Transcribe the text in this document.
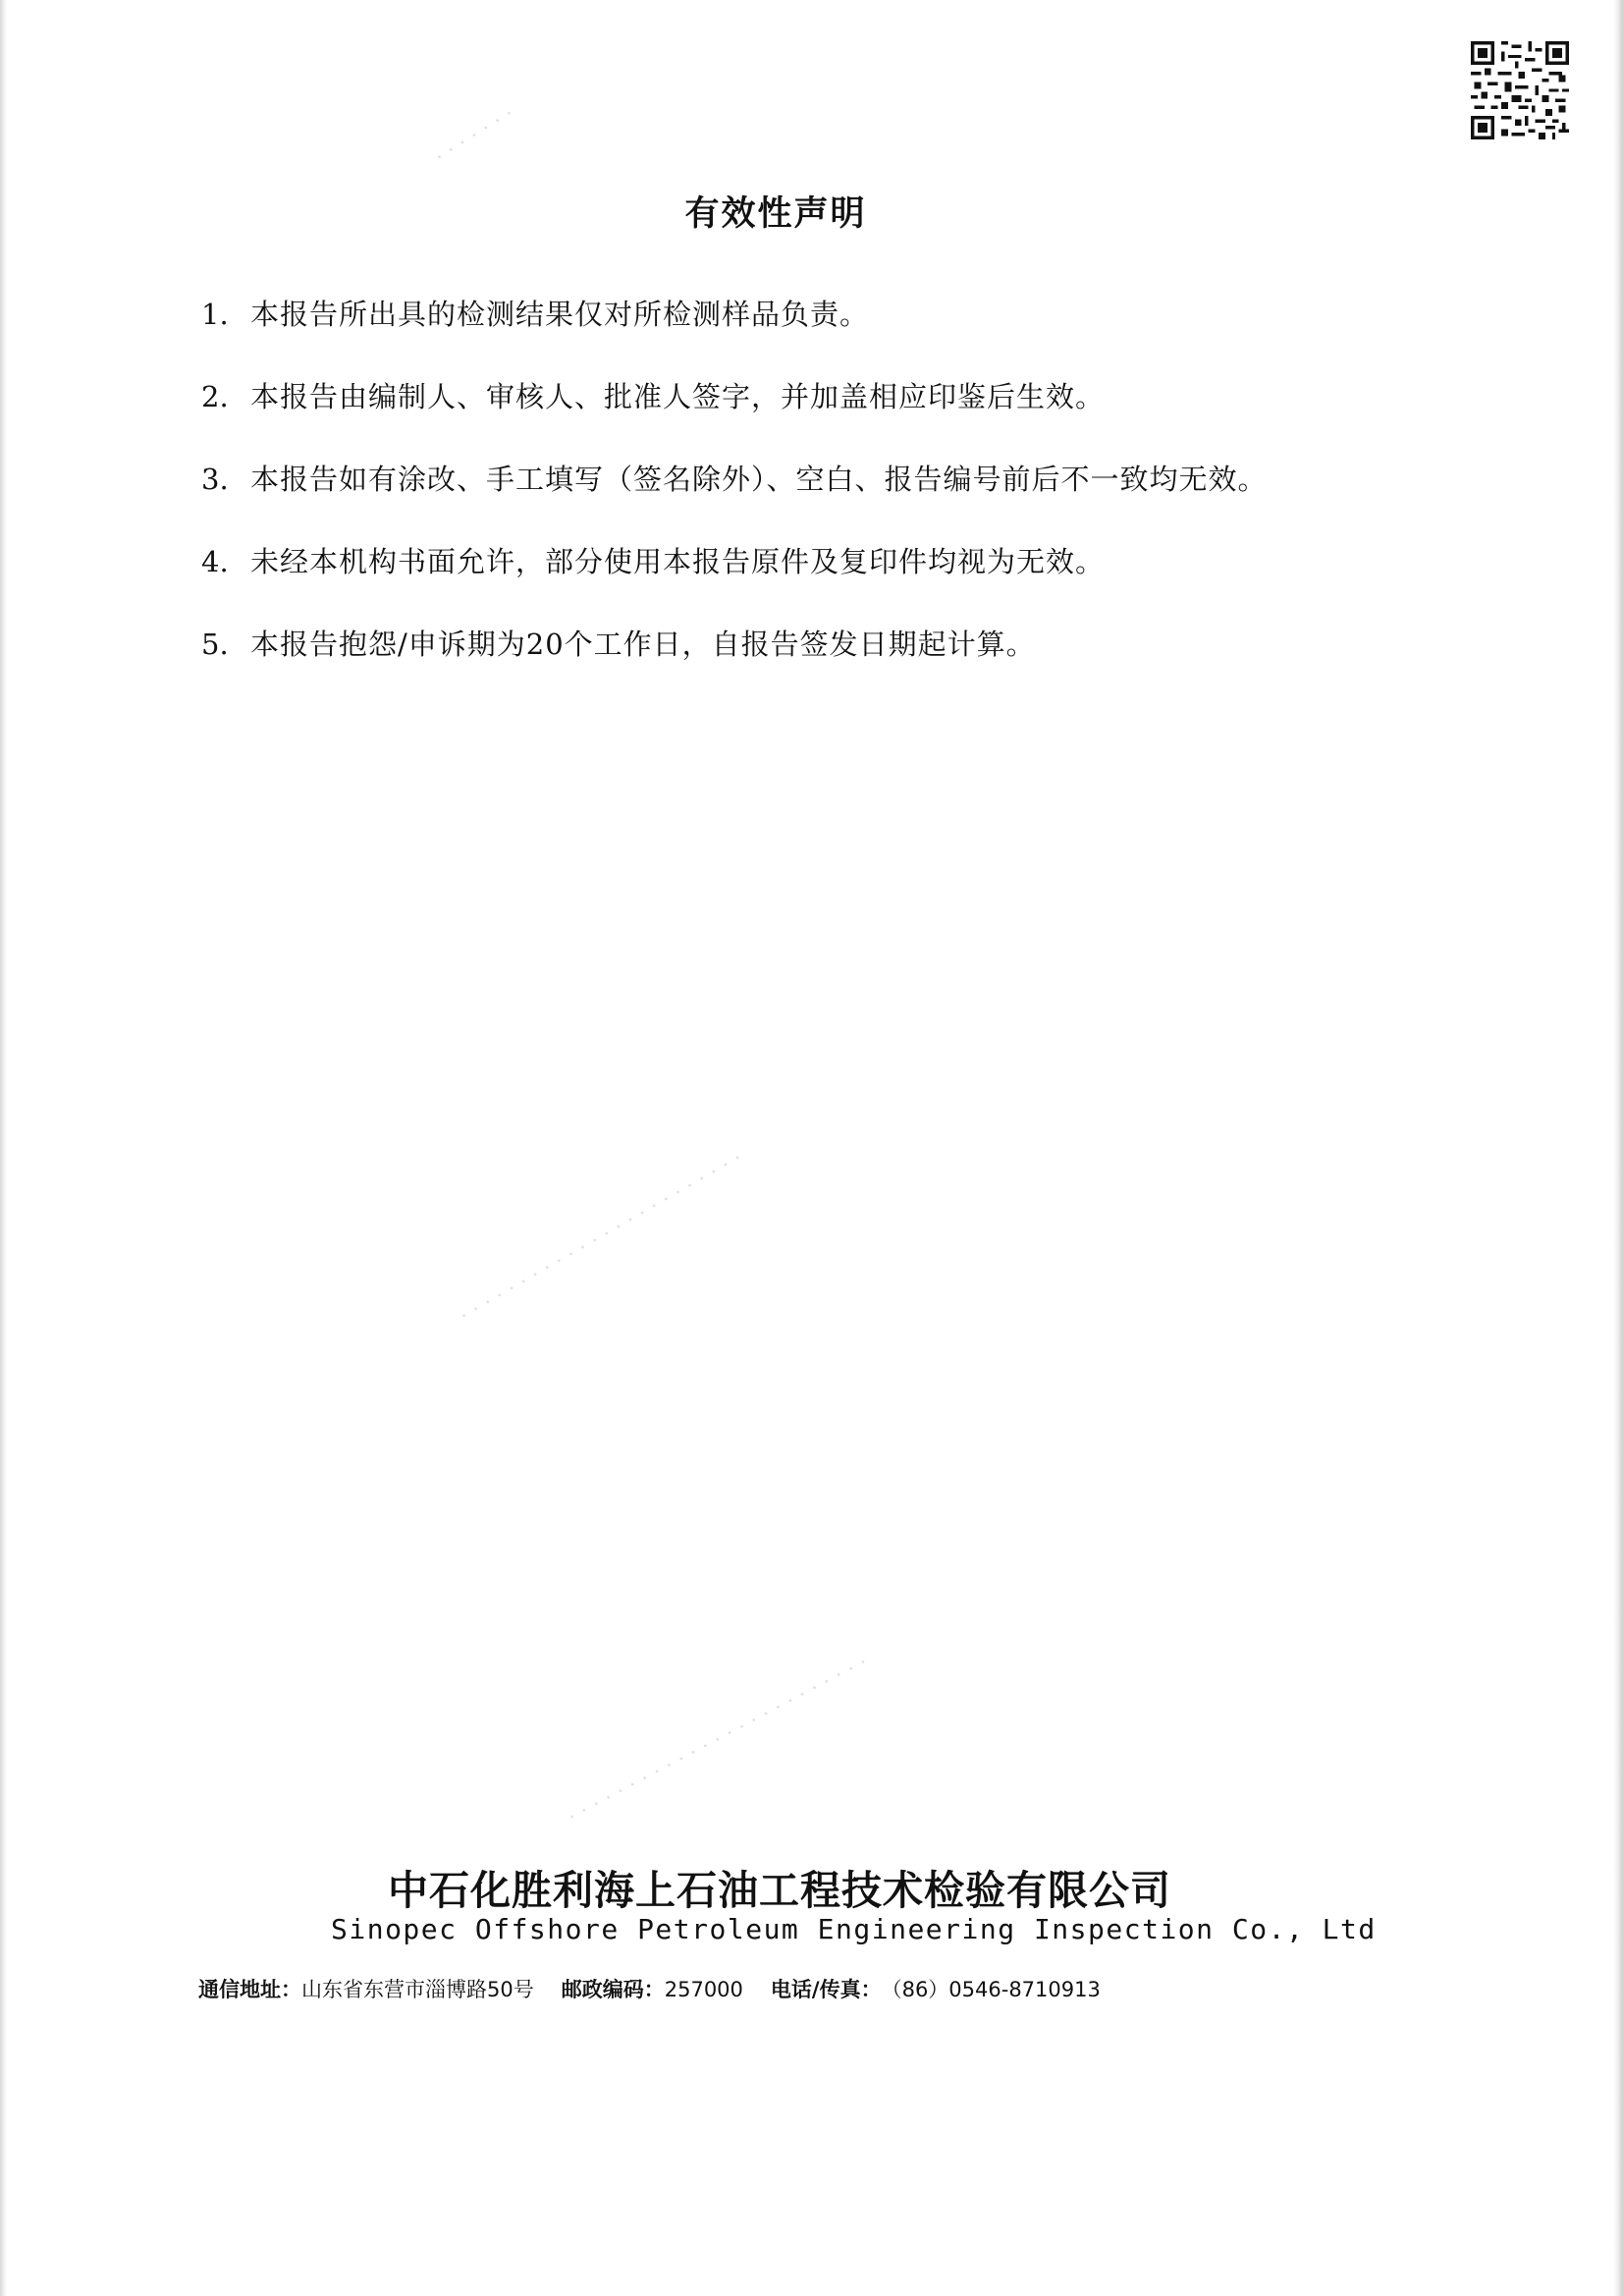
· · · · · · ·
· · · · · · · · · · · · · · · · · · · · · · · ·
· · · · · · · · · · · · · · · · · · · · · · · · ·
有效性声明
1. 本报告所出具的检测结果仅对所检测样品负责。
2. 本报告由编制人、审核人、批准人签字，并加盖相应印鉴后生效。
3. 本报告如有涂改、手工填写（签名除外）、空白、报告编号前后不一致均无效。
4. 未经本机构书面允许，部分使用本报告原件及复印件均视为无效。
5. 本报告抱怨/申诉期为20个工作日，自报告签发日期起计算。
中石化胜利海上石油工程技术检验有限公司
Sinopec Offshore Petroleum Engineering Inspection Co., Ltd
通信地址：山东省东营市淄博路50号 邮政编码：257000 电话/传真：（86）0546-8710913
